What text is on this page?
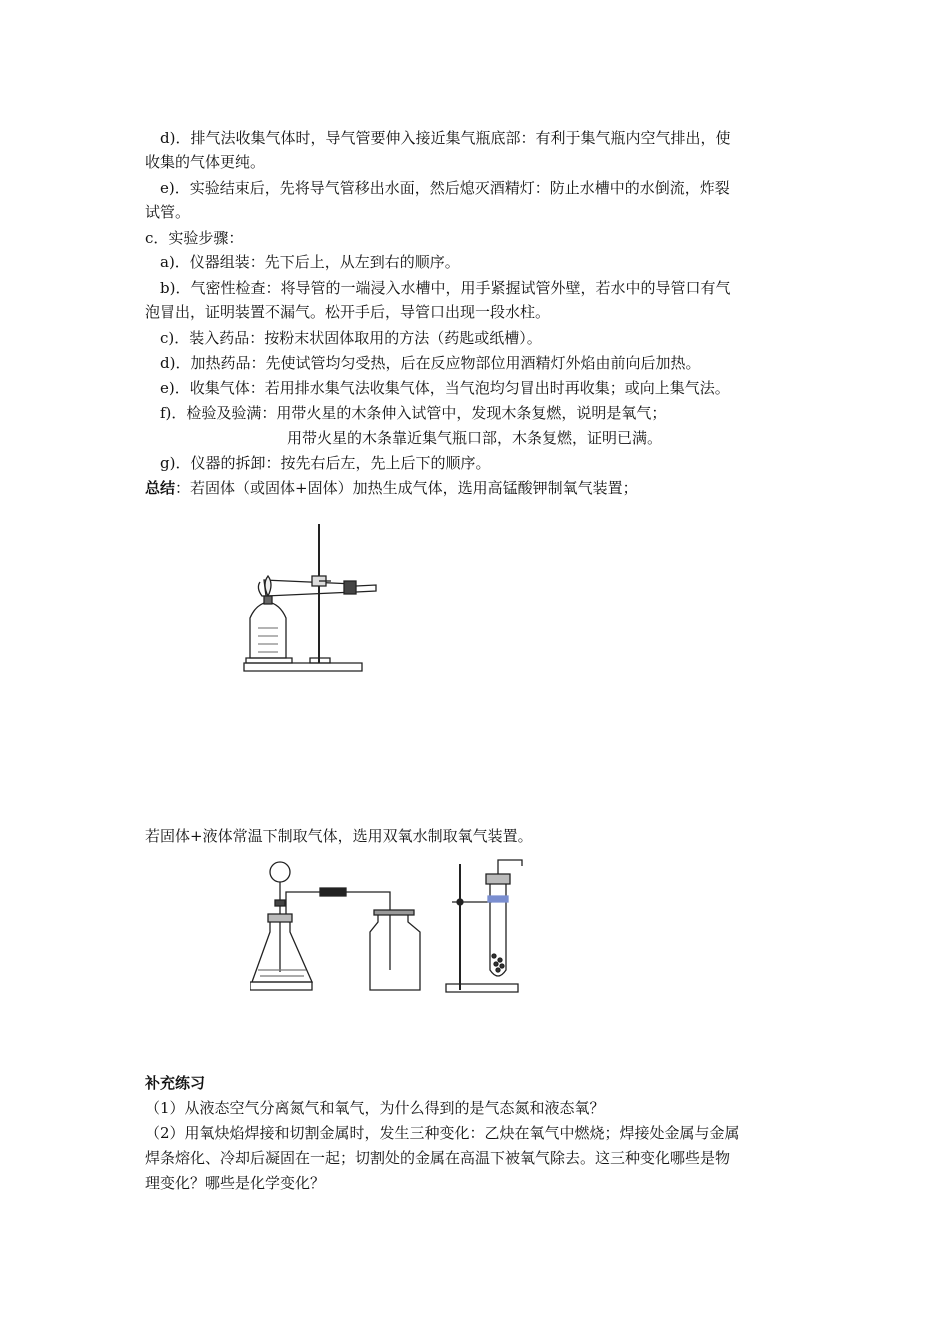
d)．排气法收集气体时，导气管要伸入接近集气瓶底部：有利于集气瓶内空气排出，使
收集的气体更纯。
e)．实验结束后，先将导气管移出水面，然后熄灭酒精灯：防止水槽中的水倒流，炸裂
试管。
c．实验步骤：
a)．仪器组装：先下后上，从左到右的顺序。
b)．气密性检查：将导管的一端浸入水槽中，用手紧握试管外壁，若水中的导管口有气
泡冒出，证明装置不漏气。松开手后，导管口出现一段水柱。
c)．装入药品：按粉末状固体取用的方法（药匙或纸槽）。
d)．加热药品：先使试管均匀受热，后在反应物部位用酒精灯外焰由前向后加热。
e)．收集气体：若用排水集气法收集气体，当气泡均匀冒出时再收集；或向上集气法。
f)．检验及验满：用带火星的木条伸入试管中，发现木条复燃，说明是氧气；
用带火星的木条靠近集气瓶口部，木条复燃，证明已满。
g)．仪器的拆卸：按先右后左，先上后下的顺序。
总结：若固体（或固体+固体）加热生成气体，选用高锰酸钾制氧气装置；
若固体+液体常温下制取气体，选用双氧水制取氧气装置。
补充练习
（1）从液态空气分离氮气和氧气，为什么得到的是气态氮和液态氧？
（2）用氧炔焰焊接和切割金属时，发生三种变化：乙炔在氧气中燃烧；焊接处金属与金属
焊条熔化、冷却后凝固在一起；切割处的金属在高温下被氧气除去。这三种变化哪些是物
理变化？哪些是化学变化？
